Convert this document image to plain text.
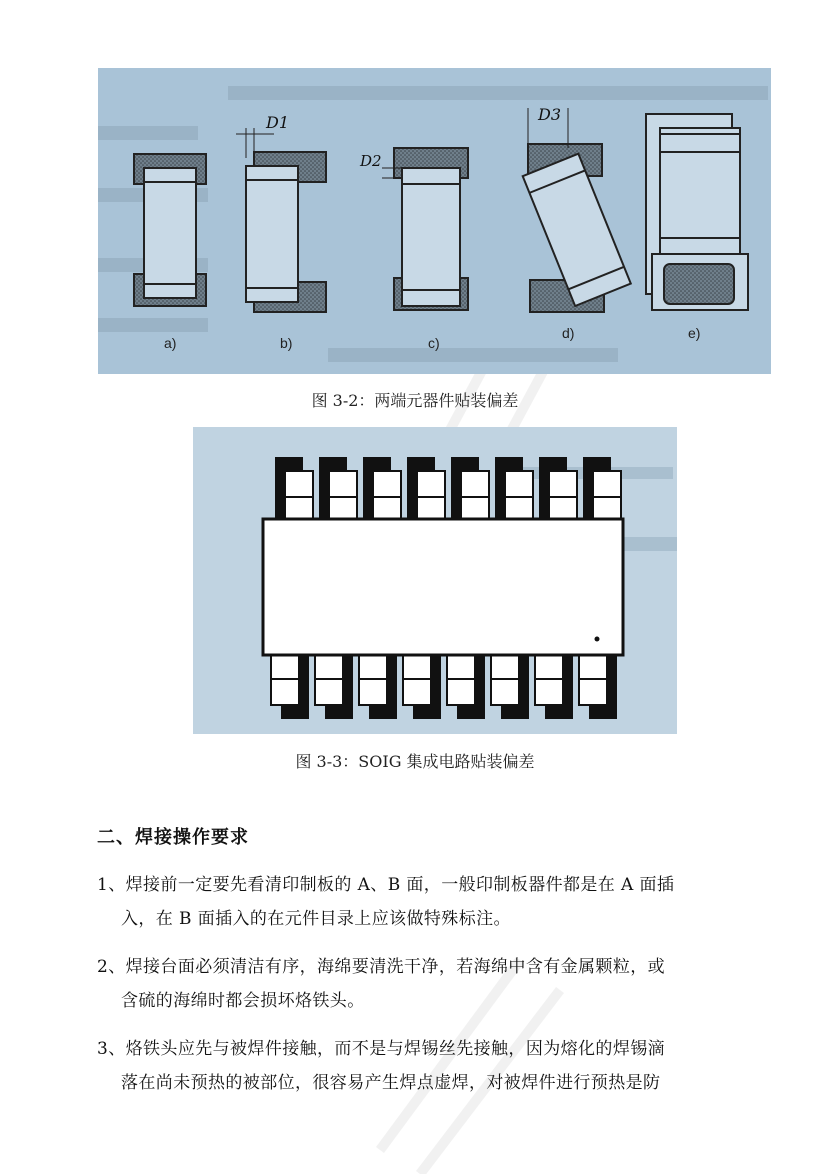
a)
D1
b)
D2
c)
D3
d)	e)
图 3-2：两端元器件贴装偏差
图 3-3：SOIG 集成电路贴装偏差
二、焊接操作要求
1、焊接前一定要先看清印制板的 A、B 面，一般印制板器件都是在 A 面插
入，在 B 面插入的在元件目录上应该做特殊标注。
2、焊接台面必须清洁有序，海绵要清洗干净，若海绵中含有金属颗粒，或
含硫的海绵时都会损坏烙铁头。
3、烙铁头应先与被焊件接触，而不是与焊锡丝先接触，因为熔化的焊锡滴
落在尚未预热的被部位，很容易产生焊点虚焊，对被焊件进行预热是防
